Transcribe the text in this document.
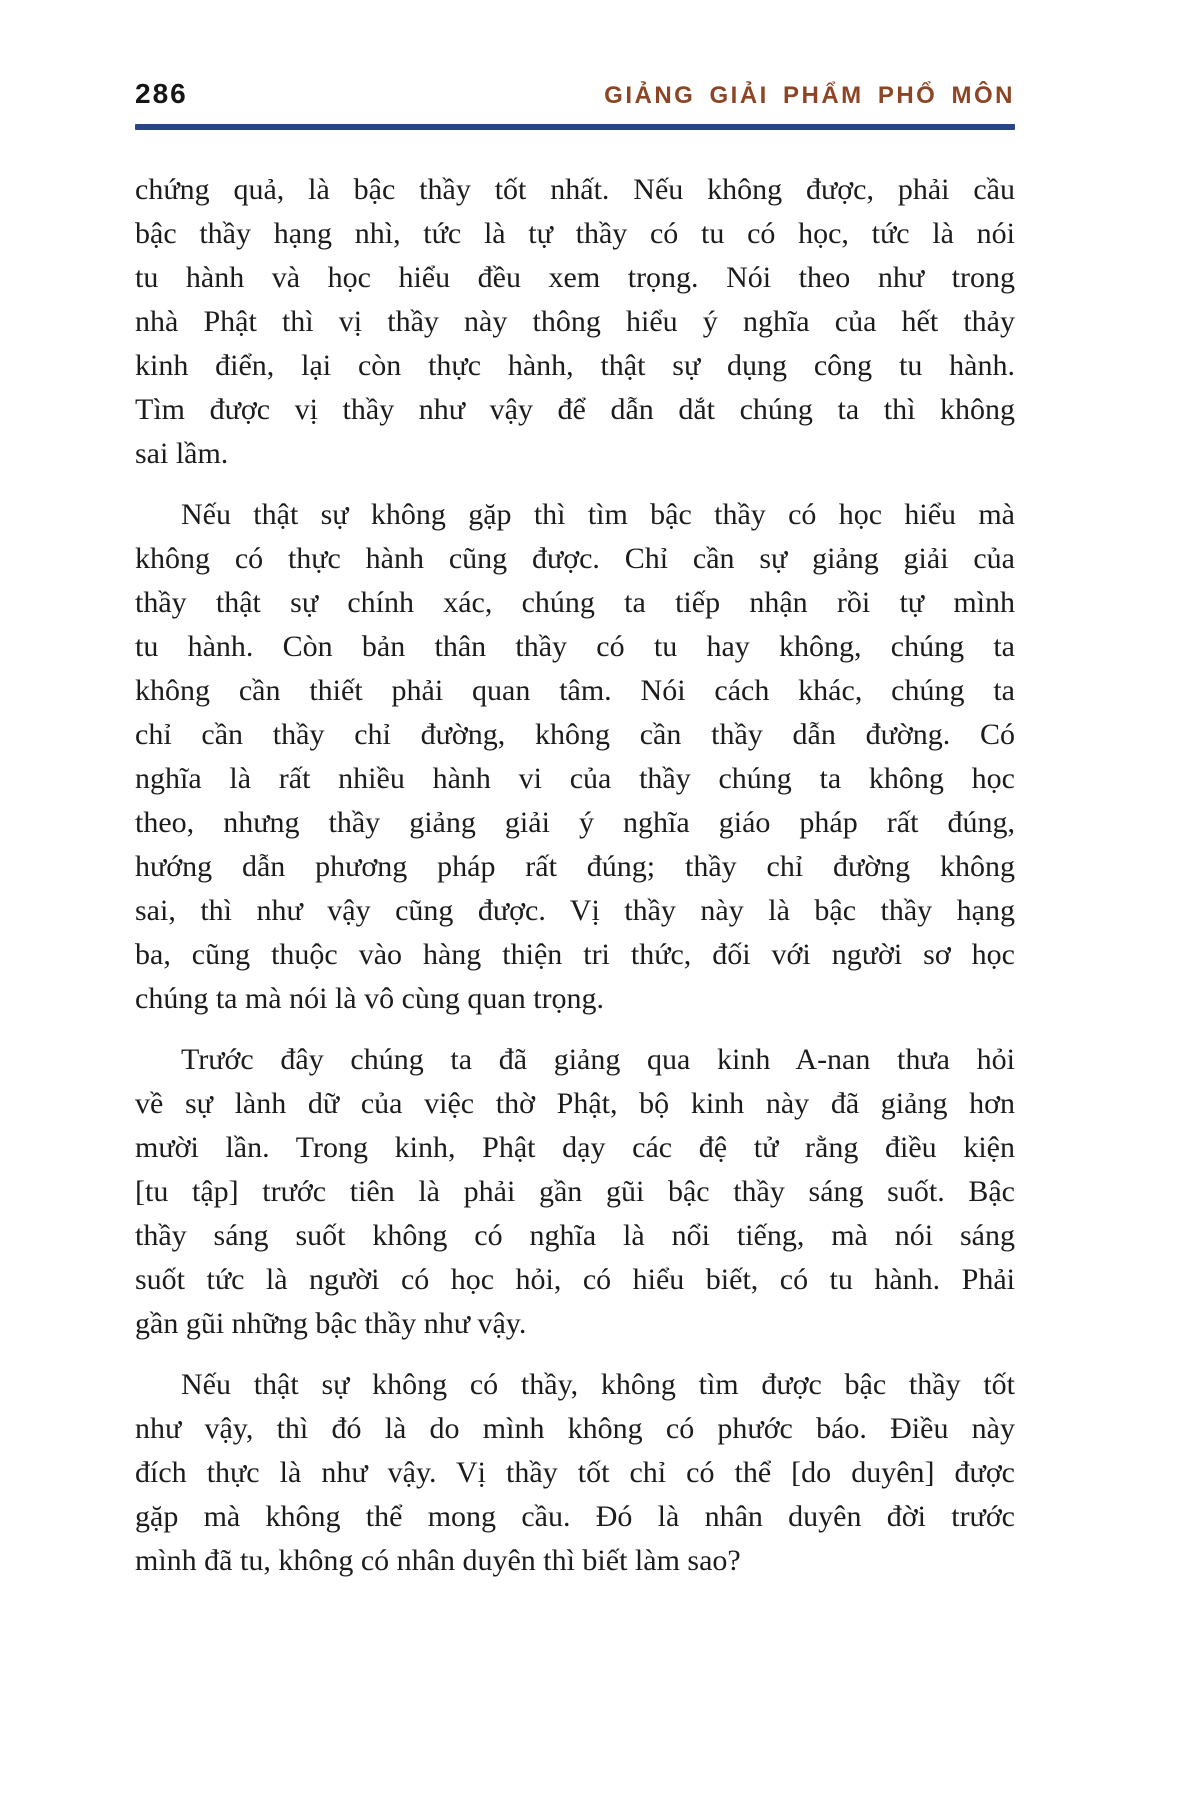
286	GIẢNG GIẢI PHẨM PHỔ MÔN
chứng quả, là bậc thầy tốt nhất. Nếu không được, phải cầu
bậc thầy hạng nhì, tức là tự thầy có tu có học, tức là nói
tu hành và học hiểu đều xem trọng. Nói theo như trong
nhà Phật thì vị thầy này thông hiểu ý nghĩa của hết thảy
kinh điển, lại còn thực hành, thật sự dụng công tu hành.
Tìm được vị thầy như vậy để dẫn dắt chúng ta thì không
sai lầm.
Nếu thật sự không gặp thì tìm bậc thầy có học hiểu mà
không có thực hành cũng được. Chỉ cần sự giảng giải của
thầy thật sự chính xác, chúng ta tiếp nhận rồi tự mình
tu hành. Còn bản thân thầy có tu hay không, chúng ta
không cần thiết phải quan tâm. Nói cách khác, chúng ta
chỉ cần thầy chỉ đường, không cần thầy dẫn đường. Có
nghĩa là rất nhiều hành vi của thầy chúng ta không học
theo, nhưng thầy giảng giải ý nghĩa giáo pháp rất đúng,
hướng dẫn phương pháp rất đúng; thầy chỉ đường không
sai, thì như vậy cũng được. Vị thầy này là bậc thầy hạng
ba, cũng thuộc vào hàng thiện tri thức, đối với người sơ học
chúng ta mà nói là vô cùng quan trọng.
Trước đây chúng ta đã giảng qua kinh A-nan thưa hỏi
về sự lành dữ của việc thờ Phật, bộ kinh này đã giảng hơn
mười lần. Trong kinh, Phật dạy các đệ tử rằng điều kiện
[tu tập] trước tiên là phải gần gũi bậc thầy sáng suốt. Bậc
thầy sáng suốt không có nghĩa là nổi tiếng, mà nói sáng
suốt tức là người có học hỏi, có hiểu biết, có tu hành. Phải
gần gũi những bậc thầy như vậy.
Nếu thật sự không có thầy, không tìm được bậc thầy tốt
như vậy, thì đó là do mình không có phước báo. Điều này
đích thực là như vậy. Vị thầy tốt chỉ có thể [do duyên] được
gặp mà không thể mong cầu. Đó là nhân duyên đời trước
mình đã tu, không có nhân duyên thì biết làm sao?
